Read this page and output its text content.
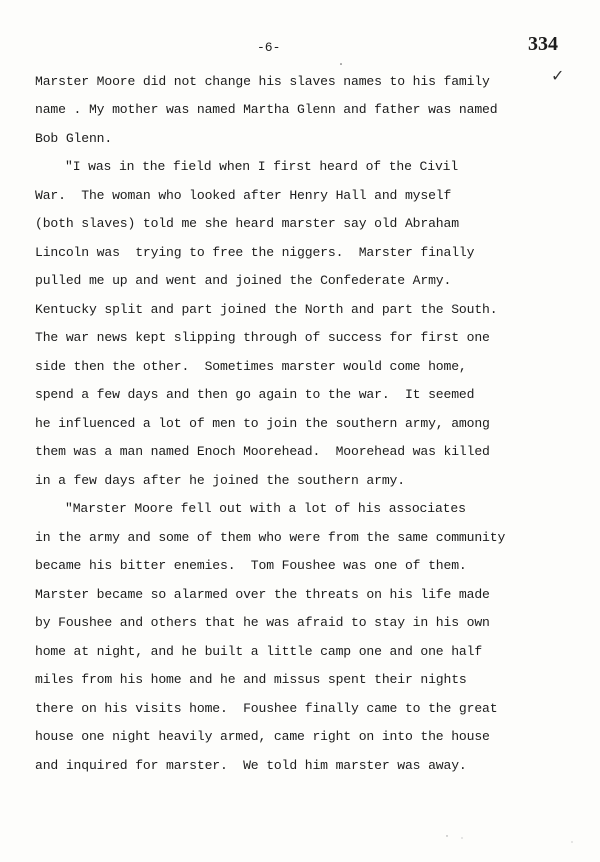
-6-	334
✓
Marster Moore did not change his slaves names to his family
name . My mother was named Martha Glenn and father was named
Bob Glenn.
"I was in the field when I first heard of the Civil
War.  The woman who looked after Henry Hall and myself
(both slaves) told me she heard marster say old Abraham
Lincoln was  trying to free the niggers.  Marster finally
pulled me up and went and joined the Confederate Army.
Kentucky split and part joined the North and part the South.
The war news kept slipping through of success for first one
side then the other.  Sometimes marster would come home,
spend a few days and then go again to the war.  It seemed
he influenced a lot of men to join the southern army, among
them was a man named Enoch Moorehead.  Moorehead was killed
in a few days after he joined the southern army.
"Marster Moore fell out with a lot of his associates
in the army and some of them who were from the same community
became his bitter enemies.  Tom Foushee was one of them.
Marster became so alarmed over the threats on his life made
by Foushee and others that he was afraid to stay in his own
home at night, and he built a little camp one and one half
miles from his home and he and missus spent their nights
there on his visits home.  Foushee finally came to the great
house one night heavily armed, came right on into the house
and inquired for marster.  We told him marster was away.
